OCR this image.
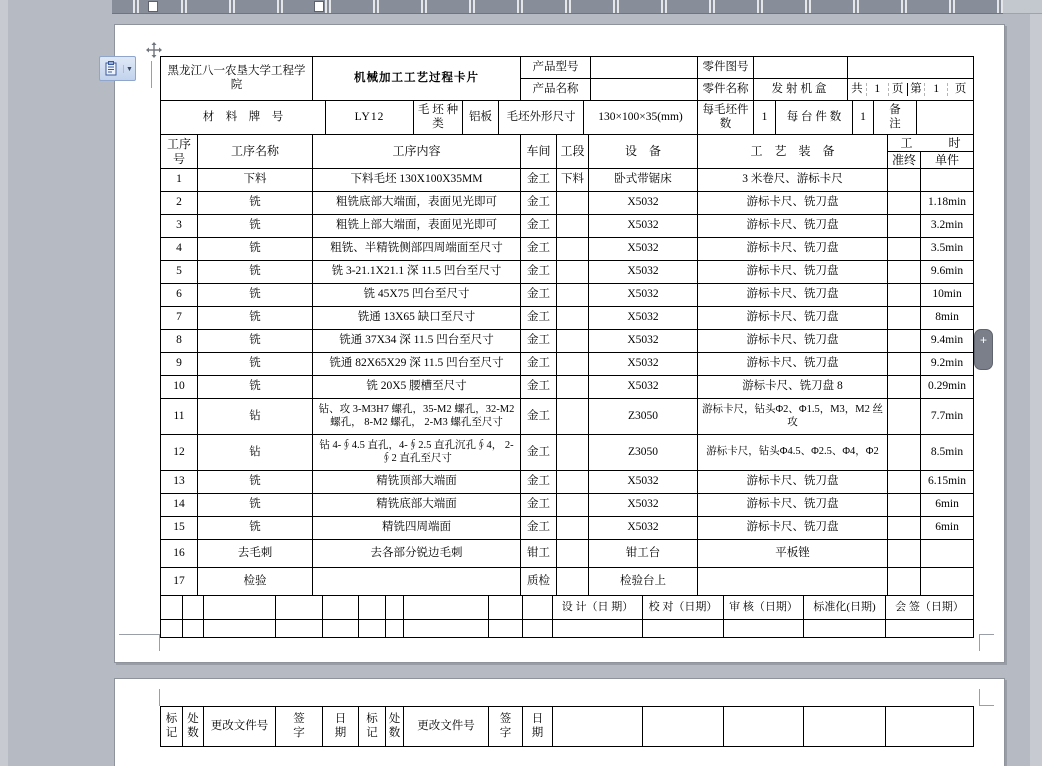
黑龙江八一农垦大学工程学院	机械加工工艺过程卡片	产品型号		零件图号		
产品名称		零件名称	发射机盒	共	1	页 第	1	页
材　料　牌　号	LY12	毛 坯 种 类	铝板	毛坯外形尺寸	130×100×35(mm)	每毛坯件数	1	每 台 件 数	1	备注	
工序号	工序名称	工序内容	车间	工段	设　备	工　艺　装　备	工　　　时	
							准终	单件
1	下料	下料毛坯 130X100X35MM	金工	下料	卧式带锯床	3 米卷尺、游标卡尺		
2	铣	粗铣底部大端面，表面见光即可	金工		X5032	游标卡尺、铣刀盘		1.18min
3	铣	粗铣上部大端面，表面见光即可	金工		X5032	游标卡尺、铣刀盘		3.2min
4	铣	粗铣、半精铣侧部四周端面至尺寸	金工		X5032	游标卡尺、铣刀盘		3.5min
5	铣	铣 3-21.1X21.1 深 11.5 凹台至尺寸	金工		X5032	游标卡尺、铣刀盘		9.6min
6	铣	铣 45X75 凹台至尺寸	金工		X5032	游标卡尺、铣刀盘		10min
7	铣	铣通 13X65 缺口至尺寸	金工		X5032	游标卡尺、铣刀盘		8min
8	铣	铣通 37X34 深 11.5 凹台至尺寸	金工		X5032	游标卡尺、铣刀盘		9.4min
9	铣	铣通 82X65X29 深 11.5 凹台至尺寸	金工		X5032	游标卡尺、铣刀盘		9.2min
10	铣	铣 20X5 腰槽至尺寸	金工		X5032	游标卡尺、铣刀盘 8		0.29min
11	钻	钻、攻 3-M3H7 螺孔，35-M2 螺孔，32-M2 螺孔， 8-M2 螺孔， 2-M3 螺孔至尺寸	金工		Z3050	游标卡尺，钻头Φ2、Φ1.5，M3，M2 丝攻		7.7min
12	钻	钻 4-∮4.5 直孔，4-∮2.5 直孔沉孔∮4， 2-∮2 直孔至尺寸	金工		Z3050	游标卡尺，钻头Φ4.5、Φ2.5、Φ4，Φ2		8.5min
13	铣	精铣顶部大端面	金工		X5032	游标卡尺、铣刀盘		6.15min
14	铣	精铣底部大端面	金工		X5032	游标卡尺、铣刀盘		6min
15	铣	精铣四周端面	金工		X5032	游标卡尺、铣刀盘		6min
16	去毛刺	去各部分锐边毛刺	钳工		钳工台	平板锉		
17	检验		质检		检验台上			
										设 计（日 期）	校 对（日期）	审 核（日期）	标准化(日期)	会 签（日期）

标记	处数	更改文件号	签字	日期	标记	处数	更改文件号	签字	日期					
▼
+
